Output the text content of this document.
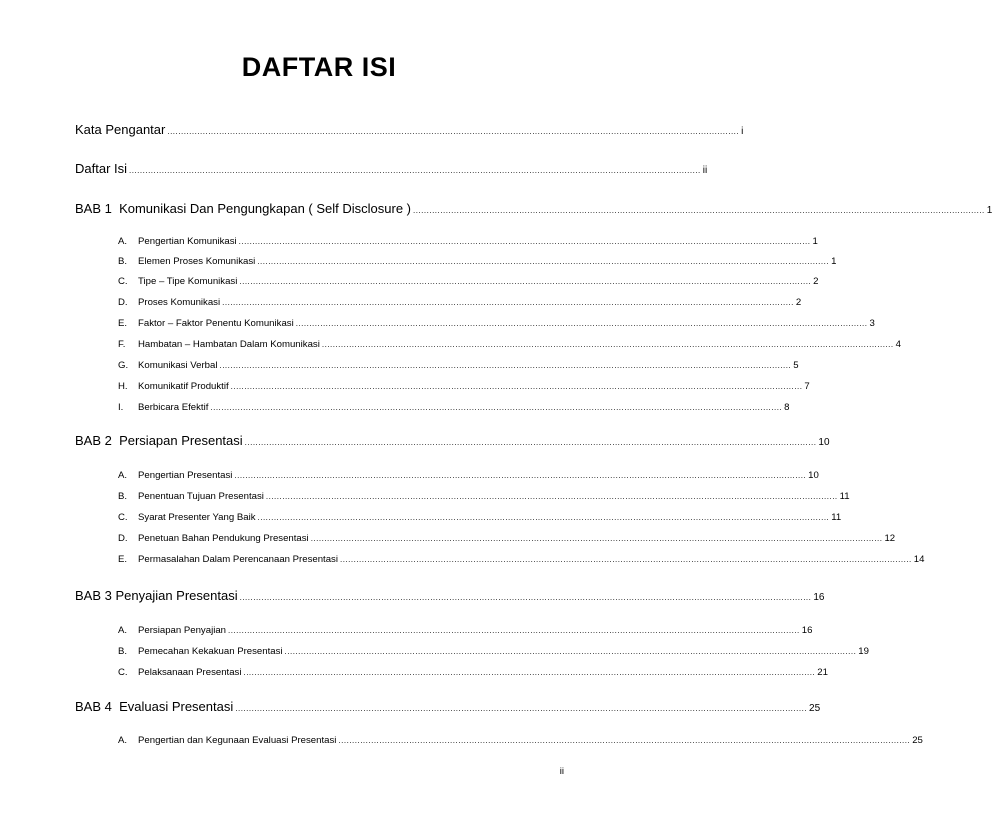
DAFTAR ISI
Kata Pengantar .................................................................................................................................................................................................................. i
Daftar Isi .................................................................................................................................................................................................................. ii
BAB 1  Komunikasi Dan Pengungkapan ( Self Disclosure ) .................................................................................................................................................................................................................. 1
A.	Pengertian Komunikasi .................................................................................................................................................................................................................. 1
B.	Elemen Proses Komunikasi .................................................................................................................................................................................................................. 1
C.	Tipe – Tipe Komunikasi .................................................................................................................................................................................................................. 2
D.	Proses Komunikasi .................................................................................................................................................................................................................. 2
E.	Faktor – Faktor Penentu Komunikasi .................................................................................................................................................................................................................. 3
F.	Hambatan – Hambatan Dalam Komunikasi .................................................................................................................................................................................................................. 4
G.	Komunikasi Verbal .................................................................................................................................................................................................................. 5
H.	Komunikatif Produktif .................................................................................................................................................................................................................. 7
I.	Berbicara Efektif .................................................................................................................................................................................................................. 8
BAB 2  Persiapan Presentasi .................................................................................................................................................................................................................. 10
A.	Pengertian Presentasi .................................................................................................................................................................................................................. 10
B.	Penentuan Tujuan Presentasi .................................................................................................................................................................................................................. 11
C.	Syarat Presenter Yang Baik .................................................................................................................................................................................................................. 11
D.	Penetuan Bahan Pendukung Presentasi .................................................................................................................................................................................................................. 12
E.	Permasalahan Dalam Perencanaan Presentasi .................................................................................................................................................................................................................. 14
BAB 3 Penyajian Presentasi .................................................................................................................................................................................................................. 16
A.	Persiapan Penyajian .................................................................................................................................................................................................................. 16
B.	Pemecahan Kekakuan Presentasi .................................................................................................................................................................................................................. 19
C.	Pelaksanaan Presentasi .................................................................................................................................................................................................................. 21
BAB 4  Evaluasi Presentasi .................................................................................................................................................................................................................. 25
A.	Pengertian dan Kegunaan Evaluasi Presentasi .................................................................................................................................................................................................................. 25
ii
